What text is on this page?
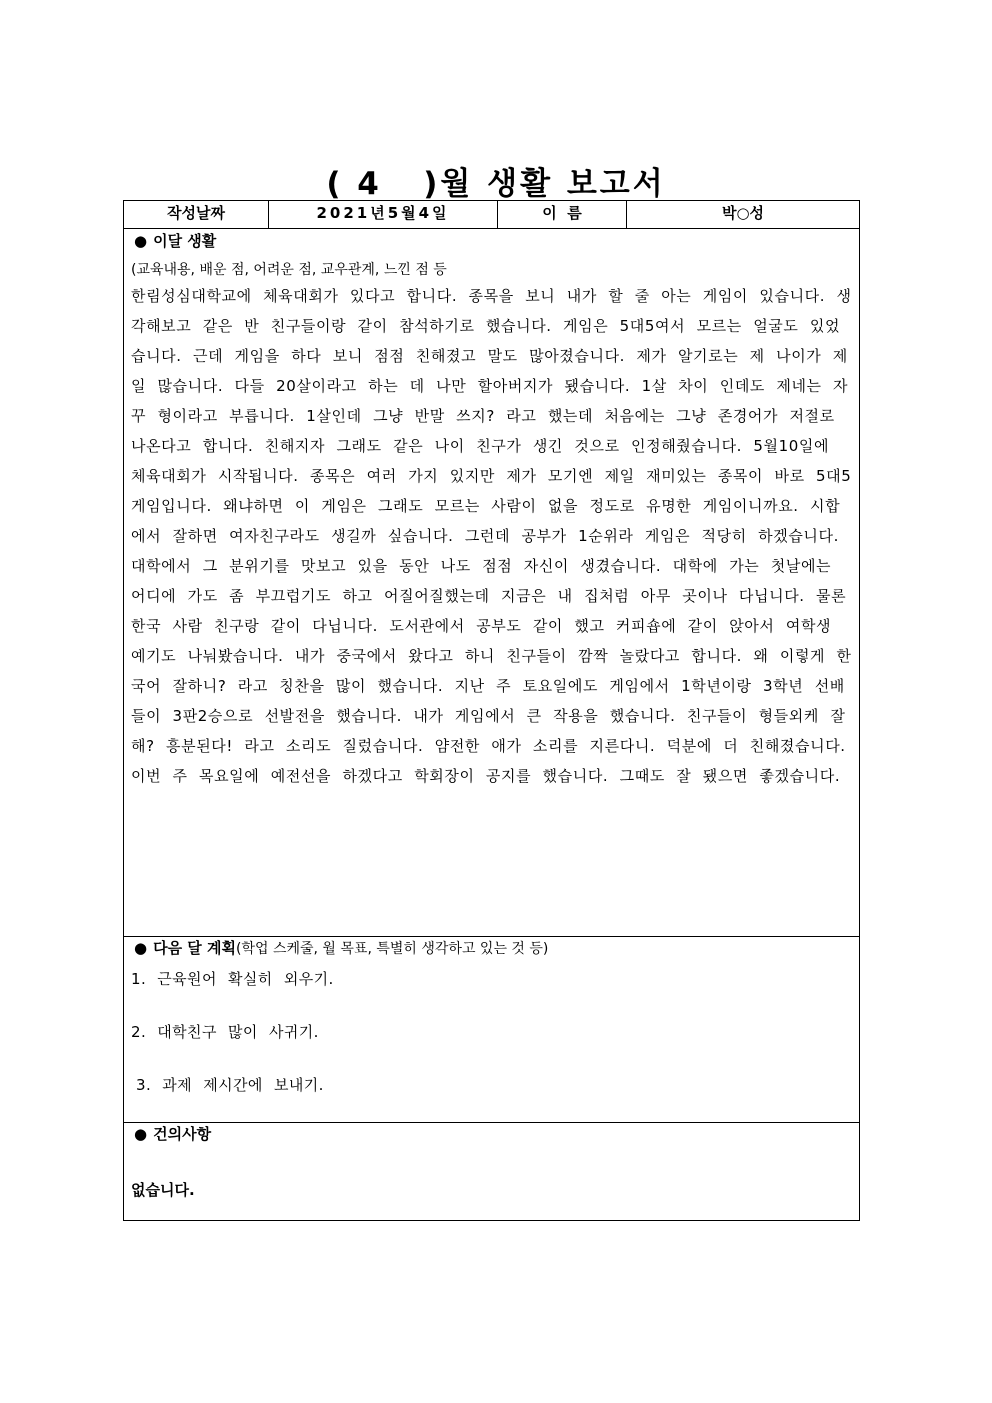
( 4   )월 생활 보고서
작성날짜	2021년5월4일	이  름	박○성
● 이달 생활
(교육내용, 배운 점, 어려운 점, 교우관계, 느낀 점 등
한림성심대학교에 체육대회가 있다고 합니다. 종목을 보니 내가 할 줄 아는 게임이 있습니다. 생각해보고 같은 반 친구들이랑 같이 참석하기로 했습니다. 게임은 5대5여서 모르는 얼굴도 있었습니다. 근데 게임을 하다 보니 점점 친해졌고 말도 많아졌습니다. 제가 알기로는 제 나이가 제일 많습니다. 다들 20살이라고 하는 데 나만 할아버지가 됐습니다. 1살 차이 인데도 제네는 자꾸 형이라고 부릅니다. 1살인데 그냥 반말 쓰지? 라고 했는데 처음에는 그냥 존경어가 저절로 나온다고 합니다. 친해지자 그래도 같은 나이 친구가 생긴 것으로 인정해줬습니다. 5월10일에 체육대회가 시작됩니다. 종목은 여러 가지 있지만 제가 모기엔 제일 재미있는 종목이 바로 5대5 게임입니다. 왜냐하면 이 게임은 그래도 모르는 사람이 없을 정도로 유명한 게임이니까요. 시합에서 잘하면 여자친구라도 생길까 싶습니다. 그런데 공부가 1순위라 게임은 적당히 하겠습니다. 대학에서 그 분위기를 맛보고 있을 동안 나도 점점 자신이 생겼습니다. 대학에 가는 첫날에는 어디에 가도 좀 부끄럽기도 하고 어질어질했는데 지금은 내 집처럼 아무 곳이나 다닙니다. 물론 한국 사람 친구랑 같이 다닙니다. 도서관에서 공부도 같이 했고 커피숍에 같이 앉아서 여학생 예기도 나눠봤습니다. 내가 중국에서 왔다고 하니 친구들이 깜짝 놀랐다고 합니다. 왜 이렇게 한국어 잘하니? 라고 칭찬을 많이 했습니다. 지난 주 토요일에도 게임에서 1학년이랑 3학년 선배들이 3판2승으로 선발전을 했습니다. 내가 게임에서 큰 작용을 했습니다. 친구들이 형들외케 잘해? 흥분된다! 라고 소리도 질렀습니다. 얌전한 애가 소리를 지른다니. 덕분에 더 친해졌습니다. 이번 주 목요일에 예전선을 하겠다고 학회장이 공지를 했습니다. 그때도 잘 됐으면 좋겠습니다.
● 다음 달 계획(학업 스케줄, 월 목표, 특별히 생각하고 있는 것 등)
1. 근육원어 확실히 외우기.
2. 대학친구 많이 사귀기.
3. 과제 제시간에 보내기.
● 건의사항
없습니다.
